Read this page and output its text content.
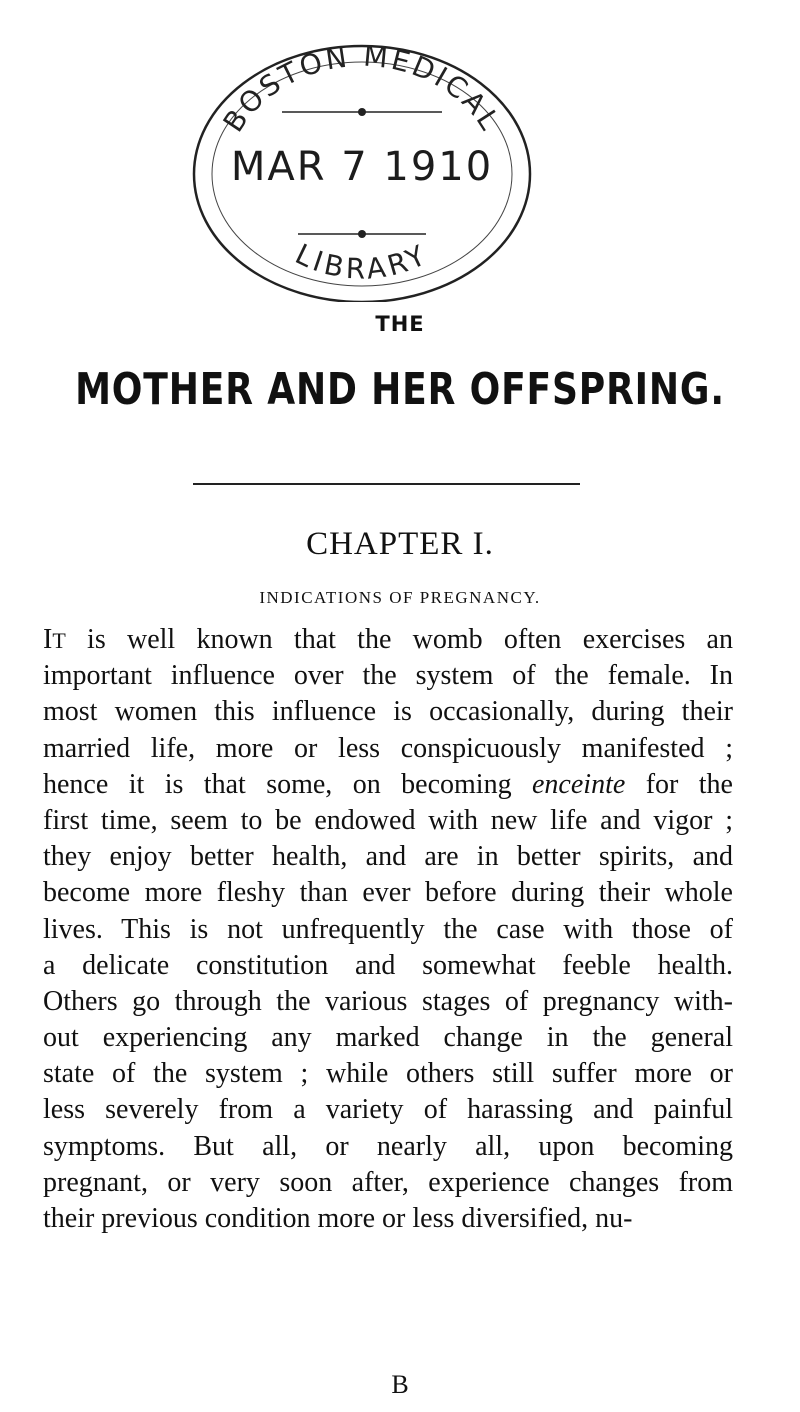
BOSTON MEDICAL
LIBRARY
MAR 7 1910
THE
MOTHER AND HER OFFSPRING.
CHAPTER I.
INDICATIONS OF PREGNANCY.
IT is well known that the womb often exercises an
important influence over the system of the female. In
most women this influence is occasionally, during their
married life, more or less conspicuously manifested ;
hence it is that some, on becoming enceinte for the
first time, seem to be endowed with new life and vigor ;
they enjoy better health, and are in better spirits, and
become more fleshy than ever before during their whole
lives. This is not unfrequently the case with those of
a delicate constitution and somewhat feeble health.
Others go through the various stages of pregnancy with-
out experiencing any marked change in the general
state of the system ; while others still suffer more or
less severely from a variety of harassing and painful
symptoms. But all, or nearly all, upon becoming
pregnant, or very soon after, experience changes from
their previous condition more or less diversified, nu-
B
